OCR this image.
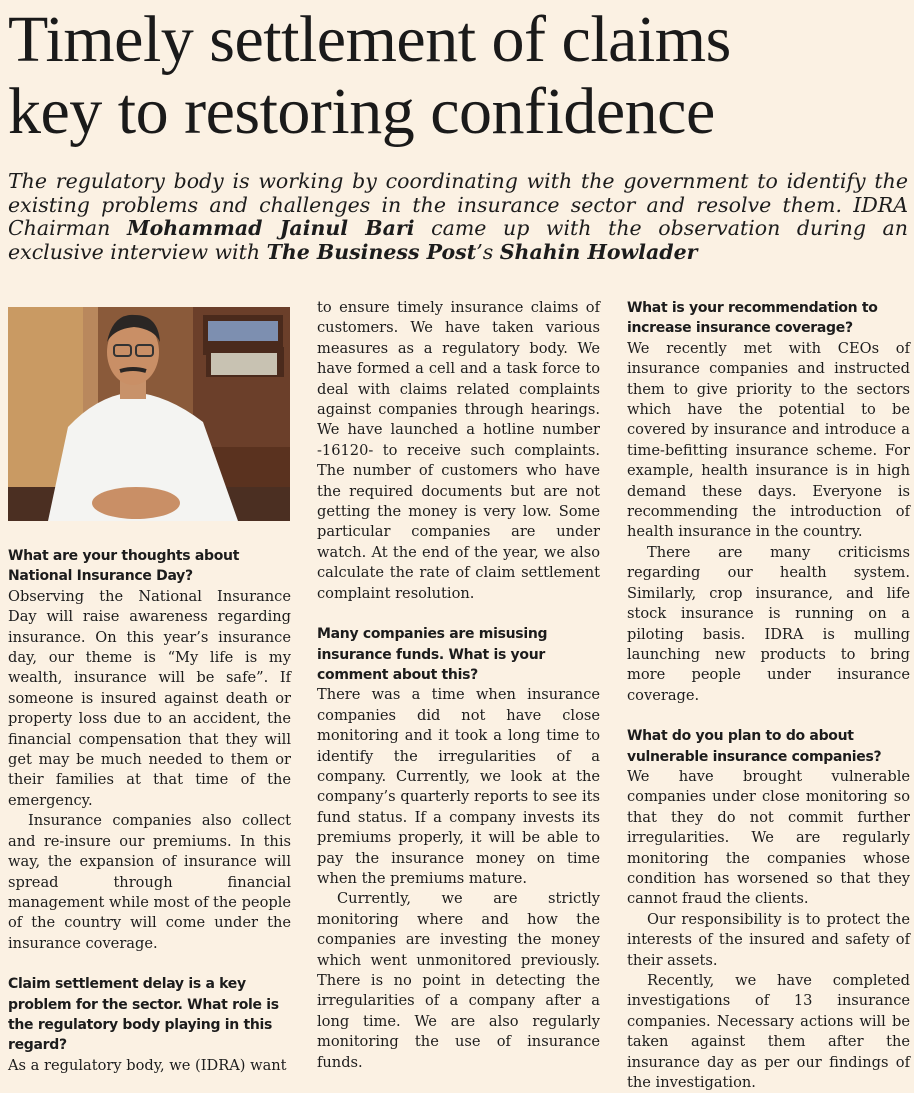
Timely settlement of claims
key to restoring confidence

The regulatory body is working by coordinating with the government to identify the existing problems and challenges in the insurance sector and resolve them. IDRA Chairman Mohammad Jainul Bari came up with the observation during an exclusive interview with The Business Post’s Shahin Howlader

What are your thoughts about National Insurance Day?

Observing the National Insurance Day will raise awareness regarding insurance. On this year’s insurance day, our theme is “My life is my wealth, insurance will be safe”. If someone is insured against death or property loss due to an accident, the financial compensation that they will get may be much needed to them or their families at that time of the emergency.

Insurance companies also collect and re-insure our premiums. In this way, the expansion of insurance will spread through financial management while most of the people of the country will come under the insurance coverage.

Claim settlement delay is a key problem for the sector. What role is the regulatory body playing in this regard?

As a regulatory body, we (IDRA) want

to ensure timely insurance claims of customers. We have taken various measures as a regulatory body. We have formed a cell and a task force to deal with claims related complaints against companies through hearings. We have launched a hotline number -16120- to receive such complaints. The number of customers who have the required documents but are not getting the money is very low. Some particular companies are under watch. At the end of the year, we also calculate the rate of claim settlement complaint resolution.

Many companies are misusing insurance funds. What is your comment about this?

There was a time when insurance companies did not have close monitoring and it took a long time to identify the irregularities of a company. Currently, we look at the company’s quarterly reports to see its fund status. If a company invests its premiums properly, it will be able to pay the insurance money on time when the premiums mature.

Currently, we are strictly monitoring where and how the companies are investing the money which went unmonitored previously. There is no point in detecting the irregularities of a company after a long time. We are also regularly monitoring the use of insurance funds.

What is your recommendation to increase insurance coverage?

We recently met with CEOs of insurance companies and instructed them to give priority to the sectors which have the potential to be covered by insurance and introduce a time-befitting insurance scheme. For example, health insurance is in high demand these days. Everyone is recommending the introduction of health insurance in the country.

There are many criticisms regarding our health system. Similarly, crop insurance, and life stock insurance is running on a piloting basis. IDRA is mulling launching new products to bring more people under insurance coverage.

What do you plan to do about vulnerable insurance companies?

We have brought vulnerable companies under close monitoring so that they do not commit further irregularities. We are regularly monitoring the companies whose condition has worsened so that they cannot fraud the clients.

Our responsibility is to protect the interests of the insured and safety of their assets.

Recently, we have completed investigations of 13 insurance companies. Necessary actions will be taken against them after the insurance day as per our findings of the investigation.
